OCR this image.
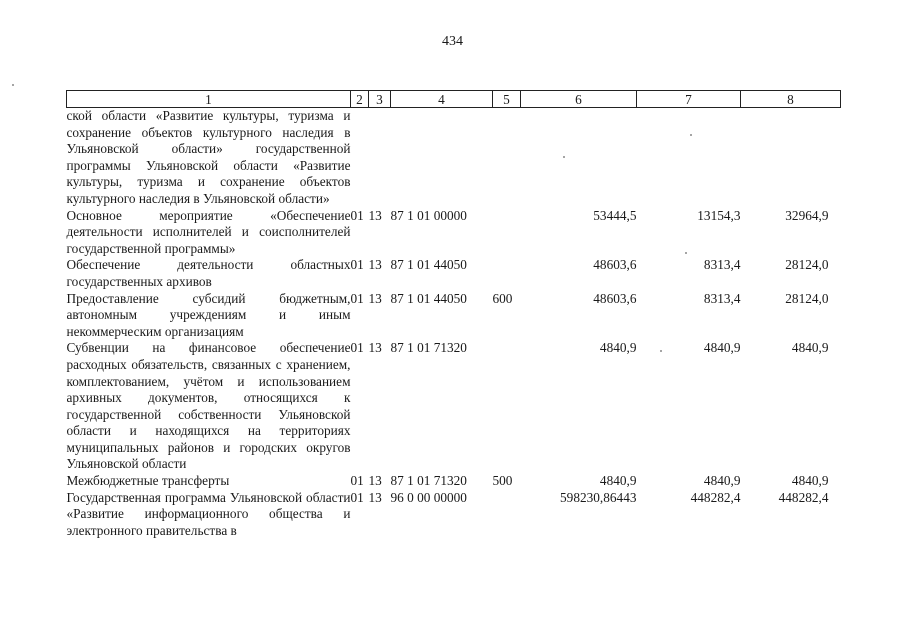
434
1	2	3	4	5	6	7	8
ской области «Развитие культуры, туризма и сохранение объектов культурного наследия в Ульяновской области» государственной программы Ульяновской области «Развитие культуры, туризма и сохранение объектов культурного наследия в Ульяновской области»							
Основное мероприятие «Обеспечение деятельности исполнителей и соисполнителей государственной программы»	01	13	87 1 01 00000		53444,5	13154,3	32964,9
Обеспечение деятельности областных государственных архивов	01	13	87 1 01 44050		48603,6	8313,4	28124,0
Предоставление субсидий бюджетным, автономным учреждениям и иным некоммерческим организациям	01	13	87 1 01 44050	600	48603,6	8313,4	28124,0
Субвенции на финансовое обеспечение расходных обязательств, связанных с хранением, комплектованием, учётом и использованием архивных документов, относящихся к государственной собственности Ульяновской области и находящихся на территориях муниципальных районов и городских округов Ульяновской области	01	13	87 1 01 71320		4840,9	4840,9	4840,9
Межбюджетные трансферты	01	13	87 1 01 71320	500	4840,9	4840,9	4840,9
Государственная программа Ульяновской области «Развитие информационного общества и электронного правительства в	01	13	96 0 00 00000		598230,86443	448282,4	448282,4
